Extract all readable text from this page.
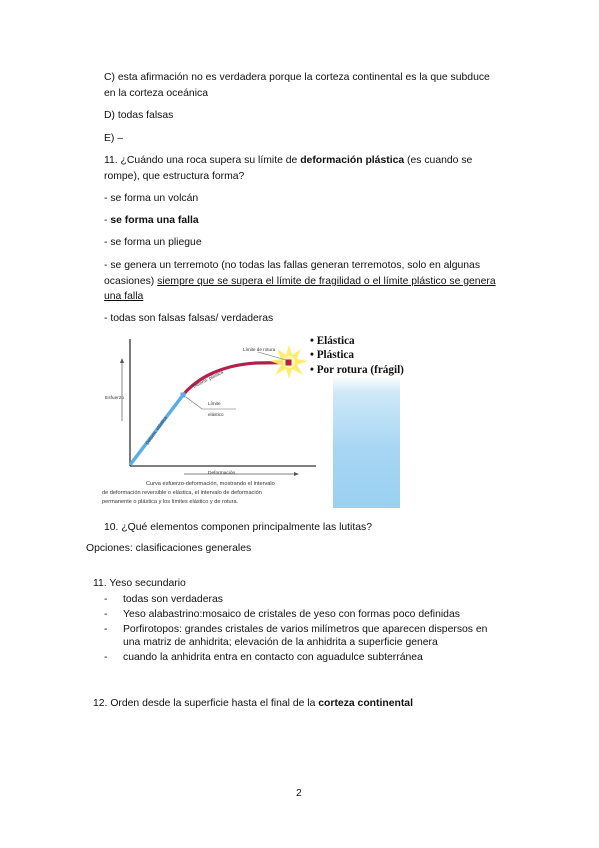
C) esta afirmación no es verdadera porque la corteza continental es la que subduce
en la corteza oceánica
D) todas falsas
E) –
11. ¿Cuándo una roca supera su límite de deformación plástica (es cuando se
rompe), que estructura forma?
- se forma un volcán
- se forma una falla
- se forma un pliegue
- se genera un terremoto (no todas las fallas generan terremotos, solo en algunas
ocasiones) siempre que se supera el límite de fragilidad o el límite plástico se genera
una falla
- todas son falsas falsas/ verdaderas
Límite de rotura
Deform. plástica
Deform. elástica
Límite
elástico
Esfuerzo
Deformación
Curva esfuerzo-deformación, mostrando el intervalo
de deformación reversible o elástica, el intervalo de deformación
permanente o plástica y los límites elástico y de rotura.
• Elástica
• Plástica
• Por rotura (frágil)
10. ¿Qué elementos componen principalmente las lutitas?
Opciones: clasificaciones generales
11. Yeso secundario
- todas son verdaderas
- Yeso alabastrino:mosaico de cristales de yeso con formas poco definidas
- Porfirotopos: grandes cristales de varios milímetros que aparecen dispersos en
una matriz de anhidrita; elevación de la anhidrita a superficie genera
- cuando la anhidrita entra en contacto con aguadulce subterránea
12. Orden desde la superficie hasta el final de la corteza continental
2
